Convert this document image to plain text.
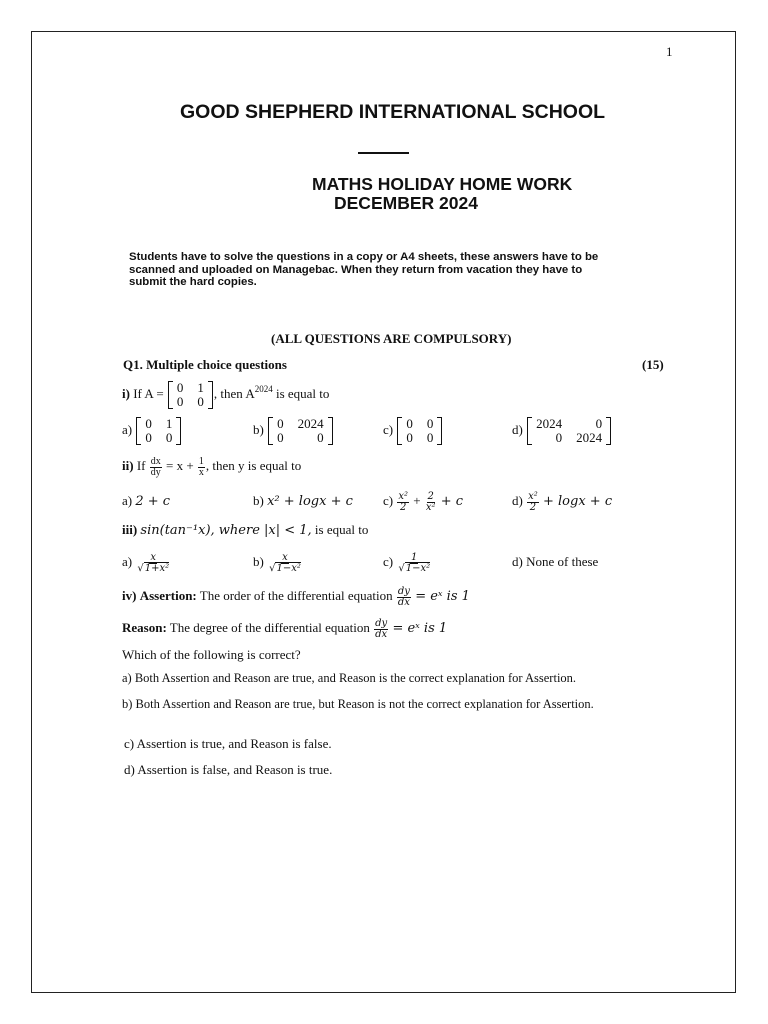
1
GOOD SHEPHERD INTERNATIONAL SCHOOL
MATHS HOLIDAY HOME WORK
DECEMBER 2024
Students have to solve the questions in a copy or A4 sheets, these answers have to be
scanned and uploaded on Managebac. When they return from vacation they have to
submit the hard copies.
(ALL QUESTIONS ARE COMPULSORY)
Q1. Multiple choice questions	(15)
i) If A = 0 1
0 0
, then $A^{2024}$ is equal to
a) 0 1
0 0
b) 0 2024
0	0
c) 0 0
0 0
d) 2024	0
0 2024
ii) If $\frac{dx}{dy} = x + \frac{1}{x}$ , then y is equal to
a) 2 + c	b) x² + logx + c $c) \frac{\text{x²}}{2} + \frac{2}{\text{x²}} + c$	$d) \frac{\text{x²}}{2} + \log x + c$
iii) sin(tan⁻¹x), where |x| < 1, is equal to
$a) \frac{x}{\text{√1+x²}}$	$b) \frac{x}{\text{√1−x²}}$	$c) \frac{1}{\text{√1−x²}}$	d) None of these
iv) Assertion: The order of the differential equation $\frac{dy}{dx}$ = eˣ is 1
Reason: The degree of the differential equation $\frac{dy}{dx}$ = eˣ is 1
Which of the following is correct?
a) Both Assertion and Reason are true, and Reason is the correct explanation for Assertion.
b) Both Assertion and Reason are true, but Reason is not the correct explanation for Assertion.
c) Assertion is true, and Reason is false.
d) Assertion is false, and Reason is true.
